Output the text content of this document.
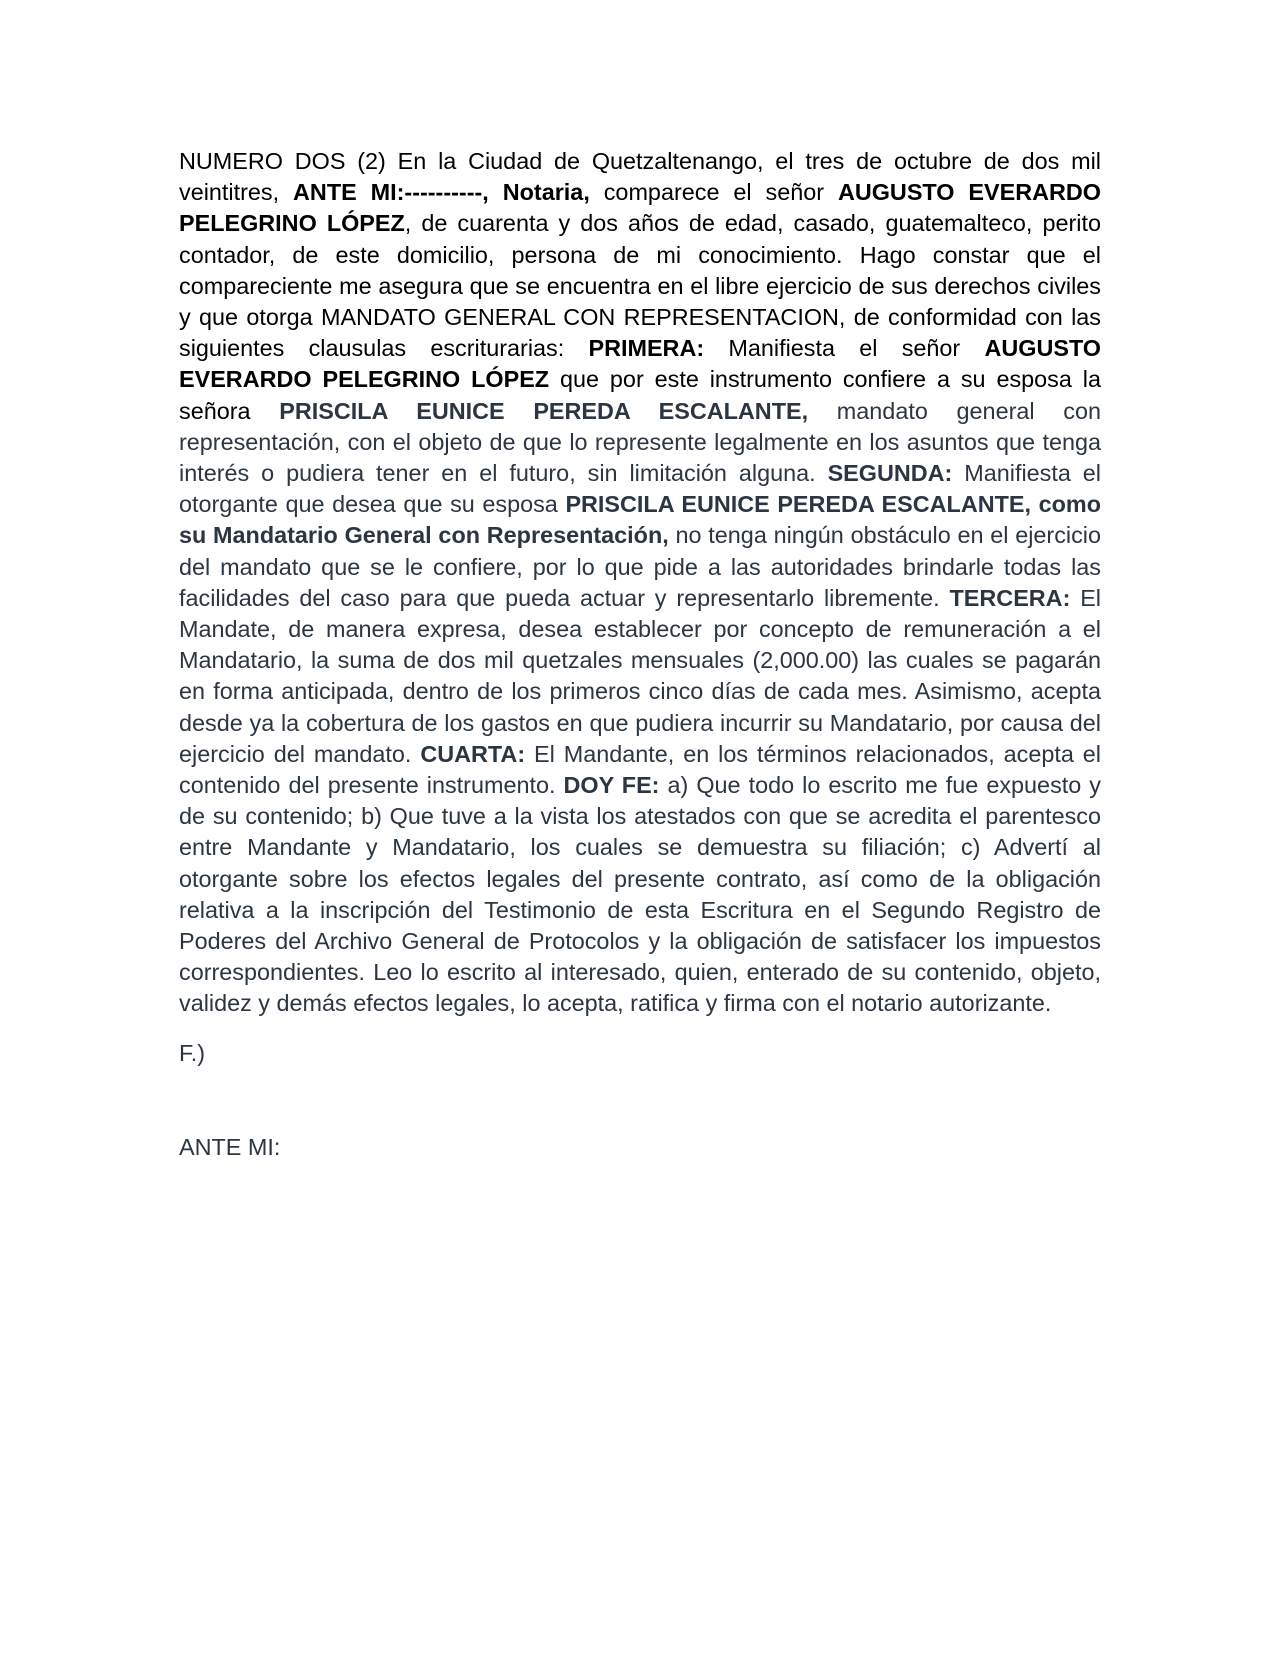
NUMERO DOS (2) En la Ciudad de Quetzaltenango, el tres de octubre de dos mil veintitres, ANTE MI:----------, Notaria, comparece el señor AUGUSTO EVERARDO PELEGRINO LÓPEZ, de cuarenta y dos años de edad, casado, guatemalteco, perito contador, de este domicilio, persona de mi conocimiento. Hago constar que el compareciente me asegura que se encuentra en el libre ejercicio de sus derechos civiles y que otorga MANDATO GENERAL CON REPRESENTACION, de conformidad con las siguientes clausulas escriturarias: PRIMERA: Manifiesta el señor AUGUSTO EVERARDO PELEGRINO LÓPEZ que por este instrumento confiere a su esposa la señora PRISCILA EUNICE PEREDA ESCALANTE, mandato general con representación, con el objeto de que lo represente legalmente en los asuntos que tenga interés o pudiera tener en el futuro, sin limitación alguna. SEGUNDA: Manifiesta el otorgante que desea que su esposa PRISCILA EUNICE PEREDA ESCALANTE, como su Mandatario General con Representación, no tenga ningún obstáculo en el ejercicio del mandato que se le confiere, por lo que pide a las autoridades brindarle todas las facilidades del caso para que pueda actuar y representarlo libremente. TERCERA: El Mandate, de manera expresa, desea establecer por concepto de remuneración a el Mandatario, la suma de dos mil quetzales mensuales (2,000.00) las cuales se pagarán en forma anticipada, dentro de los primeros cinco días de cada mes. Asimismo, acepta desde ya la cobertura de los gastos en que pudiera incurrir su Mandatario, por causa del ejercicio del mandato. CUARTA: El Mandante, en los términos relacionados, acepta el contenido del presente instrumento. DOY FE: a) Que todo lo escrito me fue expuesto y de su contenido; b) Que tuve a la vista los atestados con que se acredita el parentesco entre Mandante y Mandatario, los cuales se demuestra su filiación; c) Advertí al otorgante sobre los efectos legales del presente contrato, así como de la obligación relativa a la inscripción del Testimonio de esta Escritura en el Segundo Registro de Poderes del Archivo General de Protocolos y la obligación de satisfacer los impuestos correspondientes. Leo lo escrito al interesado, quien, enterado de su contenido, objeto, validez y demás efectos legales, lo acepta, ratifica y firma con el notario autorizante.

F.)

ANTE MI:
